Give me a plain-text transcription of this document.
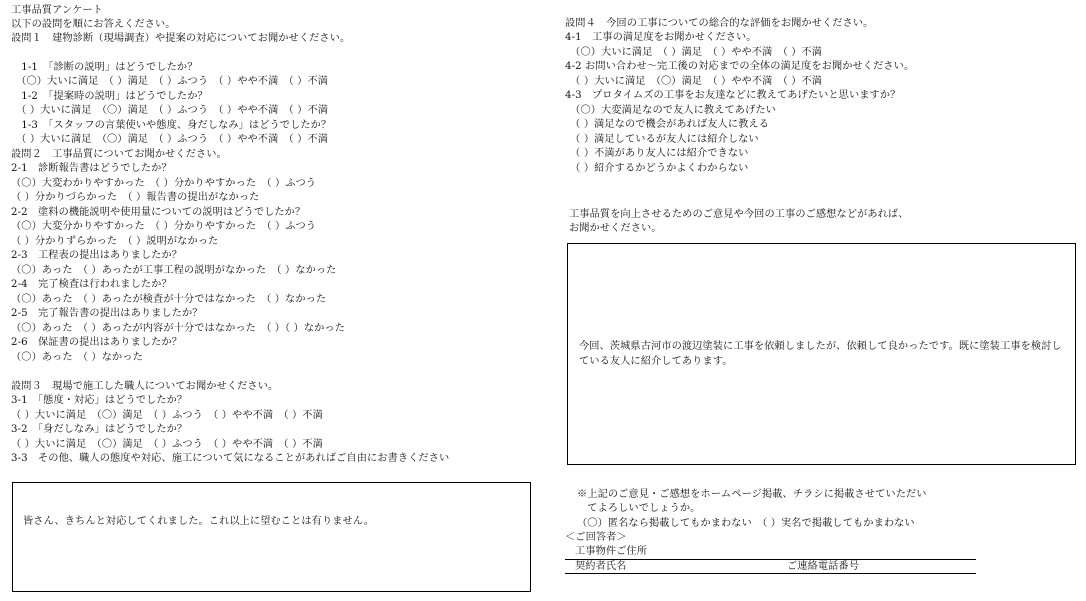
工事品質アンケート
以下の設問を順にお答えください。
設問１　建物診断（現場調査）や提案の対応についてお聞かせください。
　1-1　「診断の説明」はどうでしたか？
　（〇）大いに満足　（ ）満足　（ ）ふつう　（ ）やや不満　（ ）不満
　1-2　「提案時の説明」はどうでしたか？
　（ ）大いに満足　（〇）満足　（ ）ふつう　（ ）やや不満　（ ）不満
　1-3　「スタッフの言葉使いや態度、身だしなみ」はどうでしたか？
　（ ）大いに満足　（〇）満足　（ ）ふつう　（ ）やや不満　（ ）不満
設問２　工事品質についてお聞かせください。
2-1　診断報告書はどうでしたか？
（〇）大変わかりやすかった　（ ）分かりやすかった　（ ）ふつう
（ ）分かりづらかった　（ ）報告書の提出がなかった
2-2　塗料の機能説明や使用量についての説明はどうでしたか？
（〇）大変分かりやすかった　（ ）分かりやすかった　（ ）ふつう
（ ）分かりずらかった　（ ）説明がなかった
2-3　工程表の提出はありましたか？
（〇）あった　（ ）あったが工事工程の説明がなかった　（ ）なかった
2-4　完了検査は行われましたか？
（〇）あった　（ ）あったが検査が十分ではなかった　（ ）なかった
2-5　完了報告書の提出はありましたか？
（〇）あった　（ ）あったが内容が十分ではなかった　（ ）（ ）なかった
2-6　保証書の提出はありましたか？
（〇）あった　（ ）なかった
設問３　現場で施工した職人についてお聞かせください。
3-1　「態度・対応」はどうでしたか？
（ ）大いに満足　（〇）満足　（ ）ふつう　（ ）やや不満　（ ）不満
3-2　「身だしなみ」はどうでしたか？
（ ）大いに満足　（〇）満足　（ ）ふつう　（ ）やや不満　（ ）不満
3-3　その他、職人の態度や対応、施工について気になることがあればご自由にお書きください
皆さん、きちんと対応してくれました。これ以上に望むことは有りません。
設問４　今回の工事についての総合的な評価をお聞かせください。
4-1　工事の満足度をお聞かせください。
　（〇）大いに満足　（ ）満足　（ ）やや不満　（ ）不満
4-2 お問い合わせ～完工後の対応までの全体の満足度をお聞かせください。
　（ ）大いに満足　（〇）満足　（ ）やや不満　（ ）不満
4-3　プロタイムズの工事をお友達などに教えてあげたいと思いますか？
　（〇）大変満足なので友人に教えてあげたい
　（ ）満足なので機会があれば友人に教える
　（ ）満足しているが友人には紹介しない
　（ ）不満があり友人には紹介できない
　（ ）紹介するかどうかよくわからない
工事品質を向上させるためのご意見や今回の工事のご感想などがあれば、
お聞かせください。
今回、茨城県古河市の渡辺塗装に工事を依頼しましたが、依頼して良かったです。既に塗装工事を検討している友人に紹介してあります。
※上記のご意見・ご感想をホームページ掲載、チラシに掲載させていただい
　てよろしいでしょうか。
（〇）匿名なら掲載してもかまわない　（ ）実名で掲載してもかまわない
＜ご回答者＞
工事物件ご住所
契約者氏名	ご連絡電話番号
